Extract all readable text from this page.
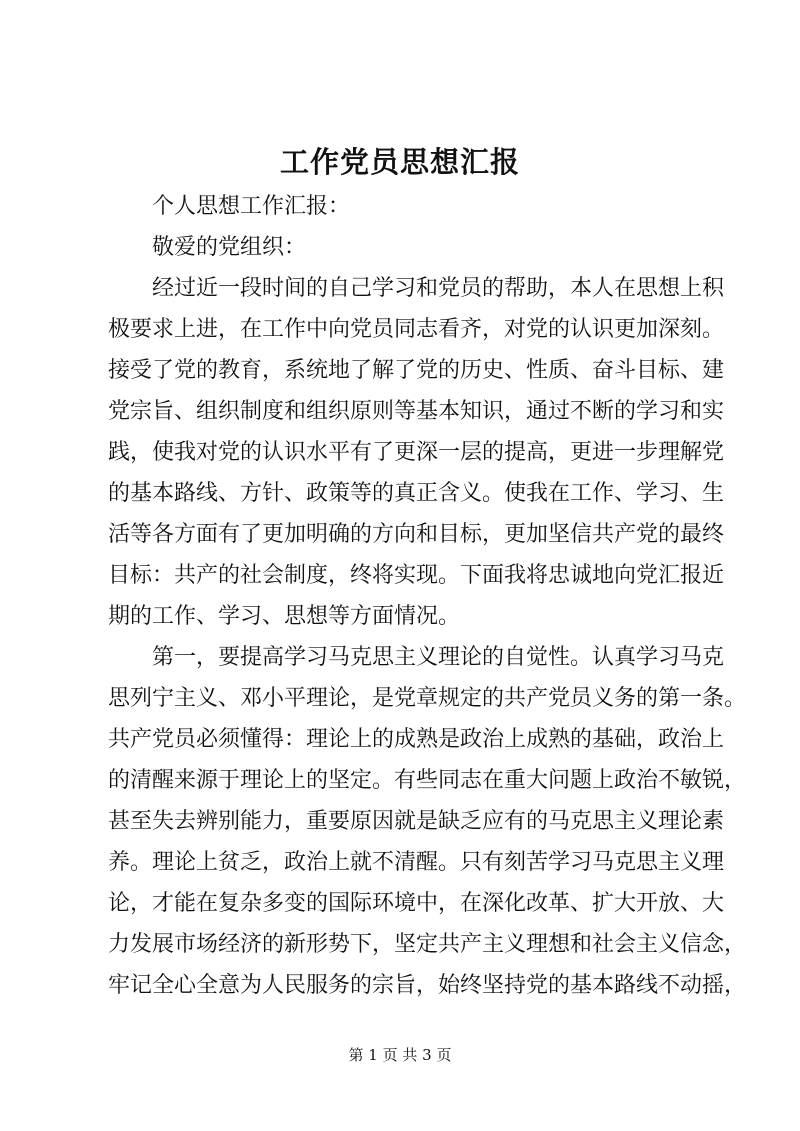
工作党员思想汇报
个人思想工作汇报：
敬爱的党组织：
经过近一段时间的自己学习和党员的帮助，本人在思想上积
极要求上进，在工作中向党员同志看齐，对党的认识更加深刻。
接受了党的教育，系统地了解了党的历史、性质、奋斗目标、建
党宗旨、组织制度和组织原则等基本知识，通过不断的学习和实
践，使我对党的认识水平有了更深一层的提高，更进一步理解党
的基本路线、方针、政策等的真正含义。使我在工作、学习、生
活等各方面有了更加明确的方向和目标，更加坚信共产党的最终
目标：共产的社会制度，终将实现。下面我将忠诚地向党汇报近
期的工作、学习、思想等方面情况。
第一，要提高学习马克思主义理论的自觉性。认真学习马克
思列宁主义、邓小平理论，是党章规定的共产党员义务的第一条。
共产党员必须懂得：理论上的成熟是政治上成熟的基础，政治上
的清醒来源于理论上的坚定。有些同志在重大问题上政治不敏锐，
甚至失去辨别能力，重要原因就是缺乏应有的马克思主义理论素
养。理论上贫乏，政治上就不清醒。只有刻苦学习马克思主义理
论，才能在复杂多变的国际环境中，在深化改革、扩大开放、大
力发展市场经济的新形势下，坚定共产主义理想和社会主义信念，
牢记全心全意为人民服务的宗旨，始终坚持党的基本路线不动摇，
第 1 页 共 3 页
